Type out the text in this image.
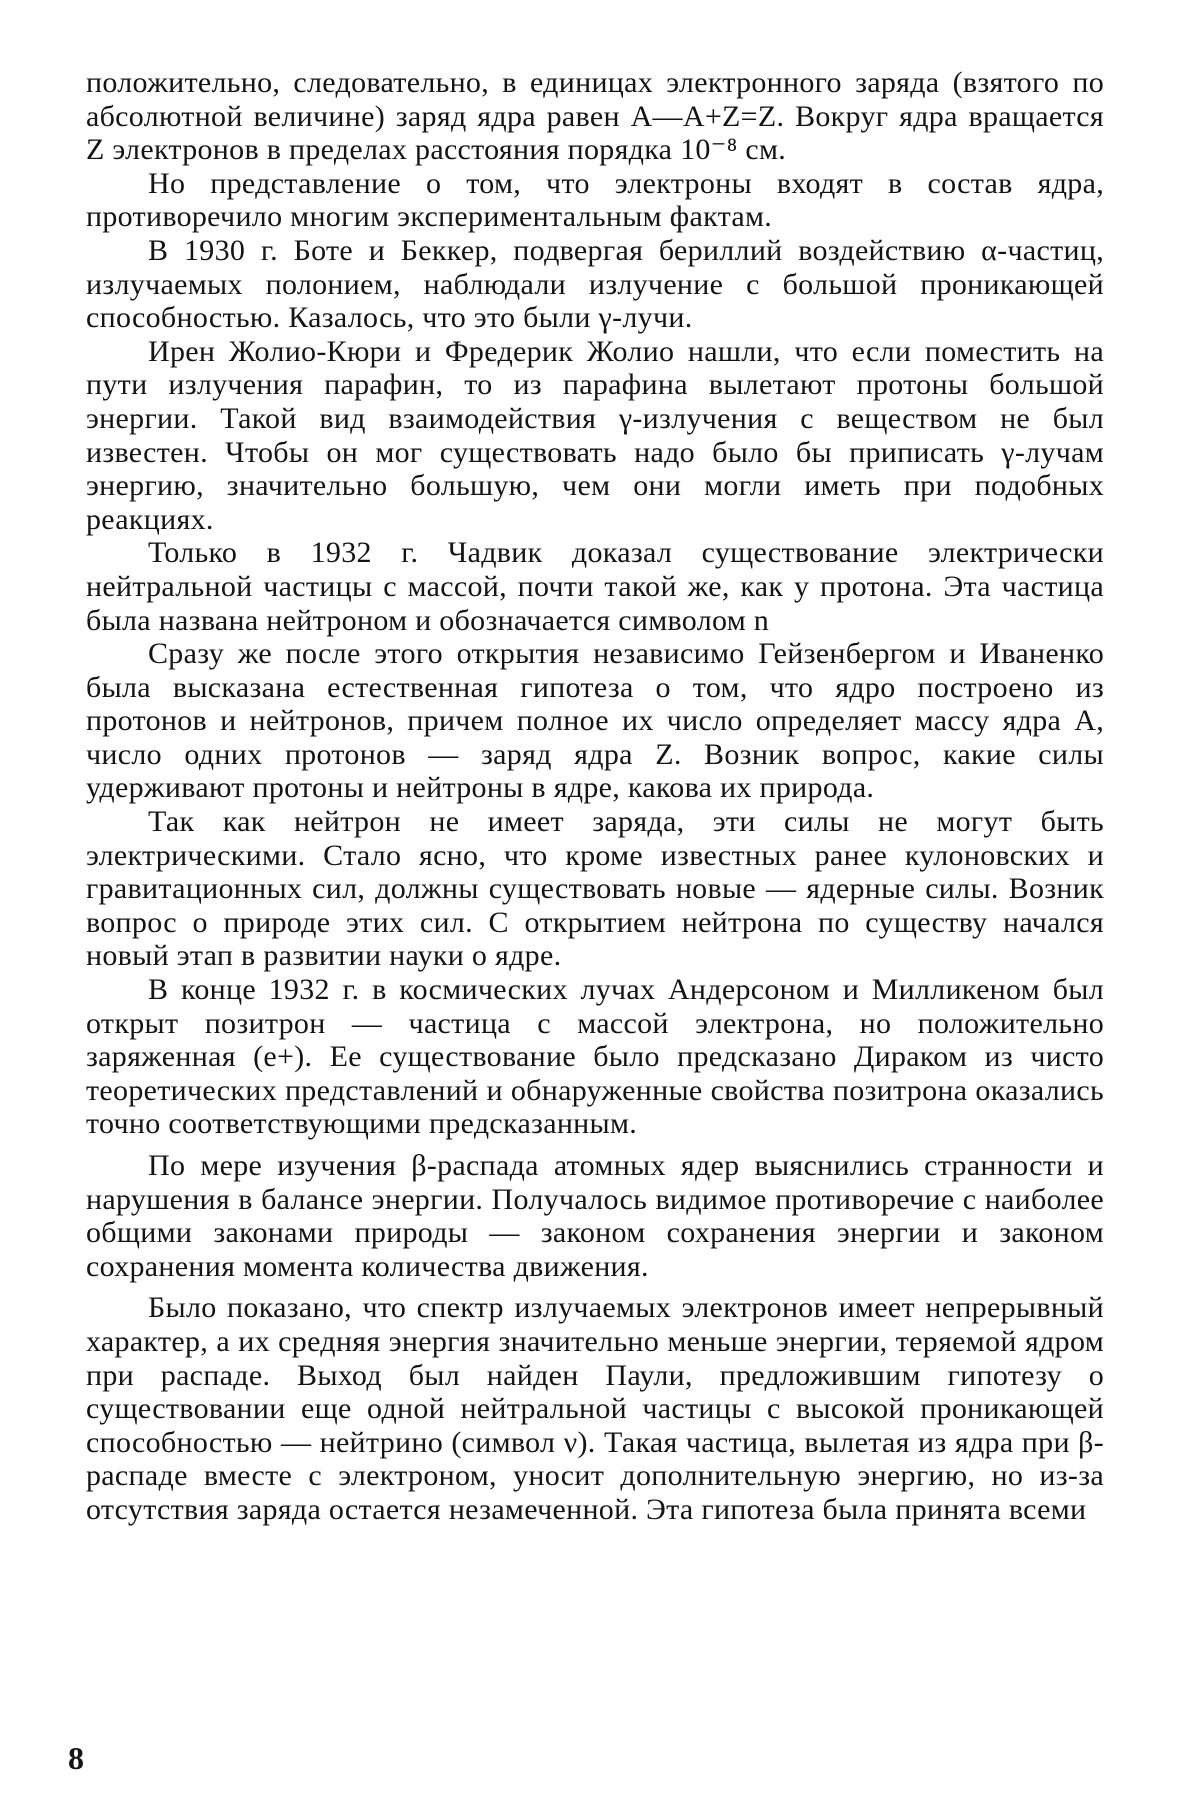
положительно, следовательно, в единицах электронного заряда (взятого по абсолютной величине) заряд ядра равен A—A+Z=Z. Вокруг ядра вращается Z электронов в пределах расстояния порядка 10⁻⁸ см.

Но представление о том, что электроны входят в состав ядра, противоречило многим экспериментальным фактам.

В 1930 г. Боте и Беккер, подвергая бериллий воздействию α-частиц, излучаемых полонием, наблюдали излучение с большой проникающей способностью. Казалось, что это были γ-лучи.

Ирен Жолио-Кюри и Фредерик Жолио нашли, что если поместить на пути излучения парафин, то из парафина вылетают протоны большой энергии. Такой вид взаимодействия γ-излучения с веществом не был известен. Чтобы он мог существовать надо было бы приписать γ-лучам энергию, значительно большую, чем они могли иметь при подобных реакциях.

Только в 1932 г. Чадвик доказал существование электрически нейтральной частицы с массой, почти такой же, как у протона. Эта частица была названа нейтроном и обозначается символом n

Сразу же после этого открытия независимо Гейзенбергом и Иваненко была высказана естественная гипотеза о том, что ядро построено из протонов и нейтронов, причем полное их число определяет массу ядра A, число одних протонов — заряд ядра Z. Возник вопрос, какие силы удерживают протоны и нейтроны в ядре, какова их природа.

Так как нейтрон не имеет заряда, эти силы не могут быть электрическими. Стало ясно, что кроме известных ранее кулоновских и гравитационных сил, должны существовать новые — ядерные силы. Возник вопрос о природе этих сил. С открытием нейтрона по существу начался новый этап в развитии науки о ядре.

В конце 1932 г. в космических лучах Андерсоном и Милликеном был открыт позитрон — частица с массой электрона, но положительно заряженная (e+). Ее существование было предсказано Дираком из чисто теоретических представлений и обнаруженные свойства позитрона оказались точно соответствующими предсказанным.

По мере изучения β-распада атомных ядер выяснились странности и нарушения в балансе энергии. Получалось видимое противоречие с наиболее общими законами природы — законом сохранения энергии и законом сохранения момента количества движения.

Было показано, что спектр излучаемых электронов имеет непрерывный характер, а их средняя энергия значительно меньше энергии, теряемой ядром при распаде. Выход был найден Паули, предложившим гипотезу о существовании еще одной нейтральной частицы с высокой проникающей способностью — нейтрино (символ ν). Такая частица, вылетая из ядра при β-распаде вместе с электроном, уносит дополнительную энергию, но из-за отсутствия заряда остается незамеченной. Эта гипотеза была принята всеми

8
